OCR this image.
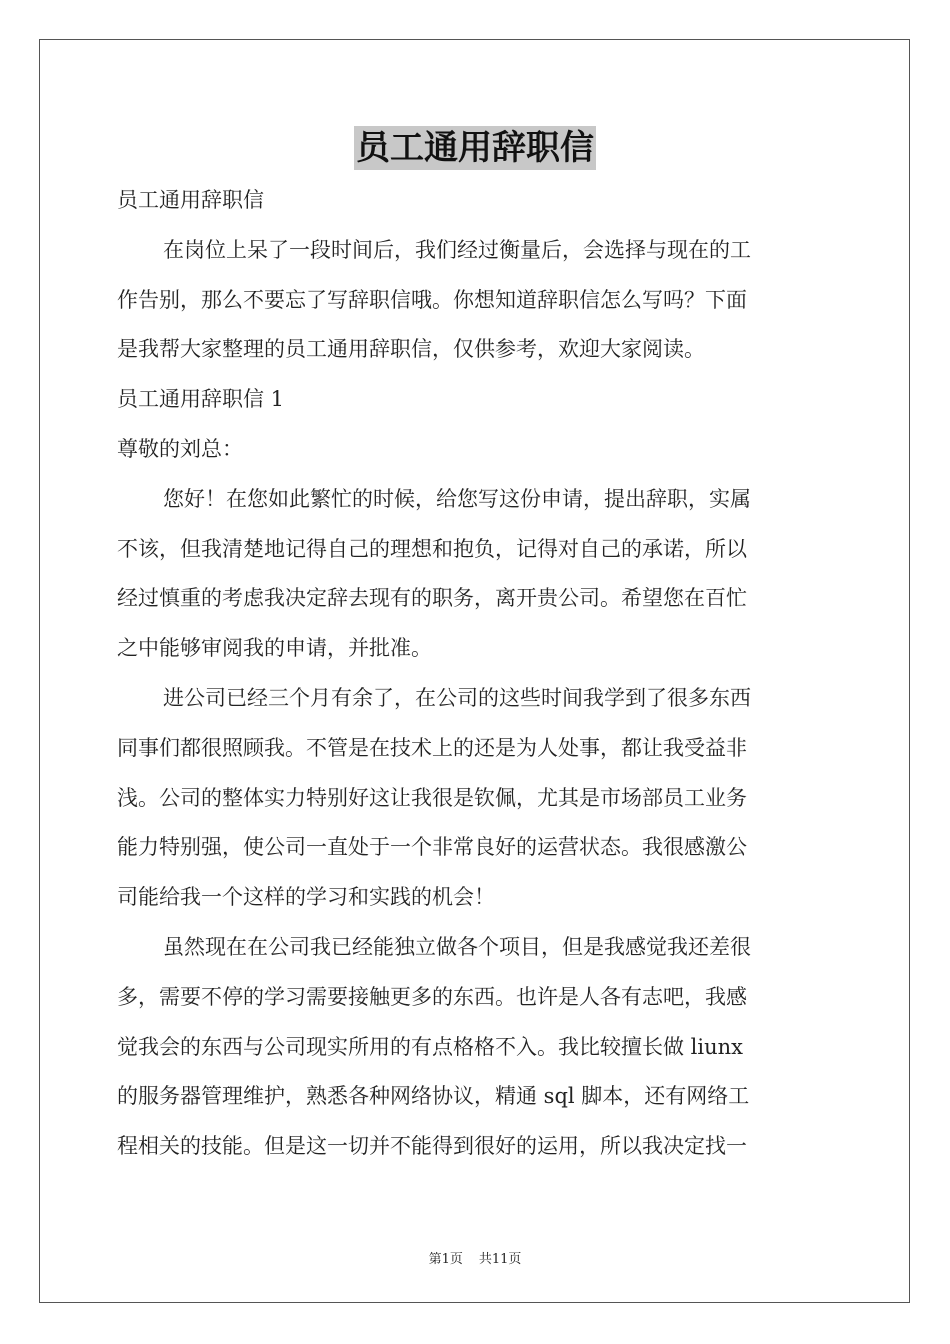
员工通用辞职信
员工通用辞职信
在岗位上呆了一段时间后，我们经过衡量后，会选择与现在的工
作告别，那么不要忘了写辞职信哦。你想知道辞职信怎么写吗？下面
是我帮大家整理的员工通用辞职信，仅供参考，欢迎大家阅读。
员工通用辞职信 1
尊敬的刘总：
您好！在您如此繁忙的时候，给您写这份申请，提出辞职，实属
不该，但我清楚地记得自己的理想和抱负，记得对自己的承诺，所以
经过慎重的考虑我决定辞去现有的职务，离开贵公司。希望您在百忙
之中能够审阅我的申请，并批准。
进公司已经三个月有余了，在公司的这些时间我学到了很多东西
同事们都很照顾我。不管是在技术上的还是为人处事，都让我受益非
浅。公司的整体实力特别好这让我很是钦佩，尤其是市场部员工业务
能力特别强，使公司一直处于一个非常良好的运营状态。我很感激公
司能给我一个这样的学习和实践的机会！
虽然现在在公司我已经能独立做各个项目，但是我感觉我还差很
多，需要不停的学习需要接触更多的东西。也许是人各有志吧，我感
觉我会的东西与公司现实所用的有点格格不入。我比较擅长做 liunx
的服务器管理维护，熟悉各种网络协议，精通 sql 脚本，还有网络工
程相关的技能。但是这一切并不能得到很好的运用，所以我决定找一
第1页 共11页
